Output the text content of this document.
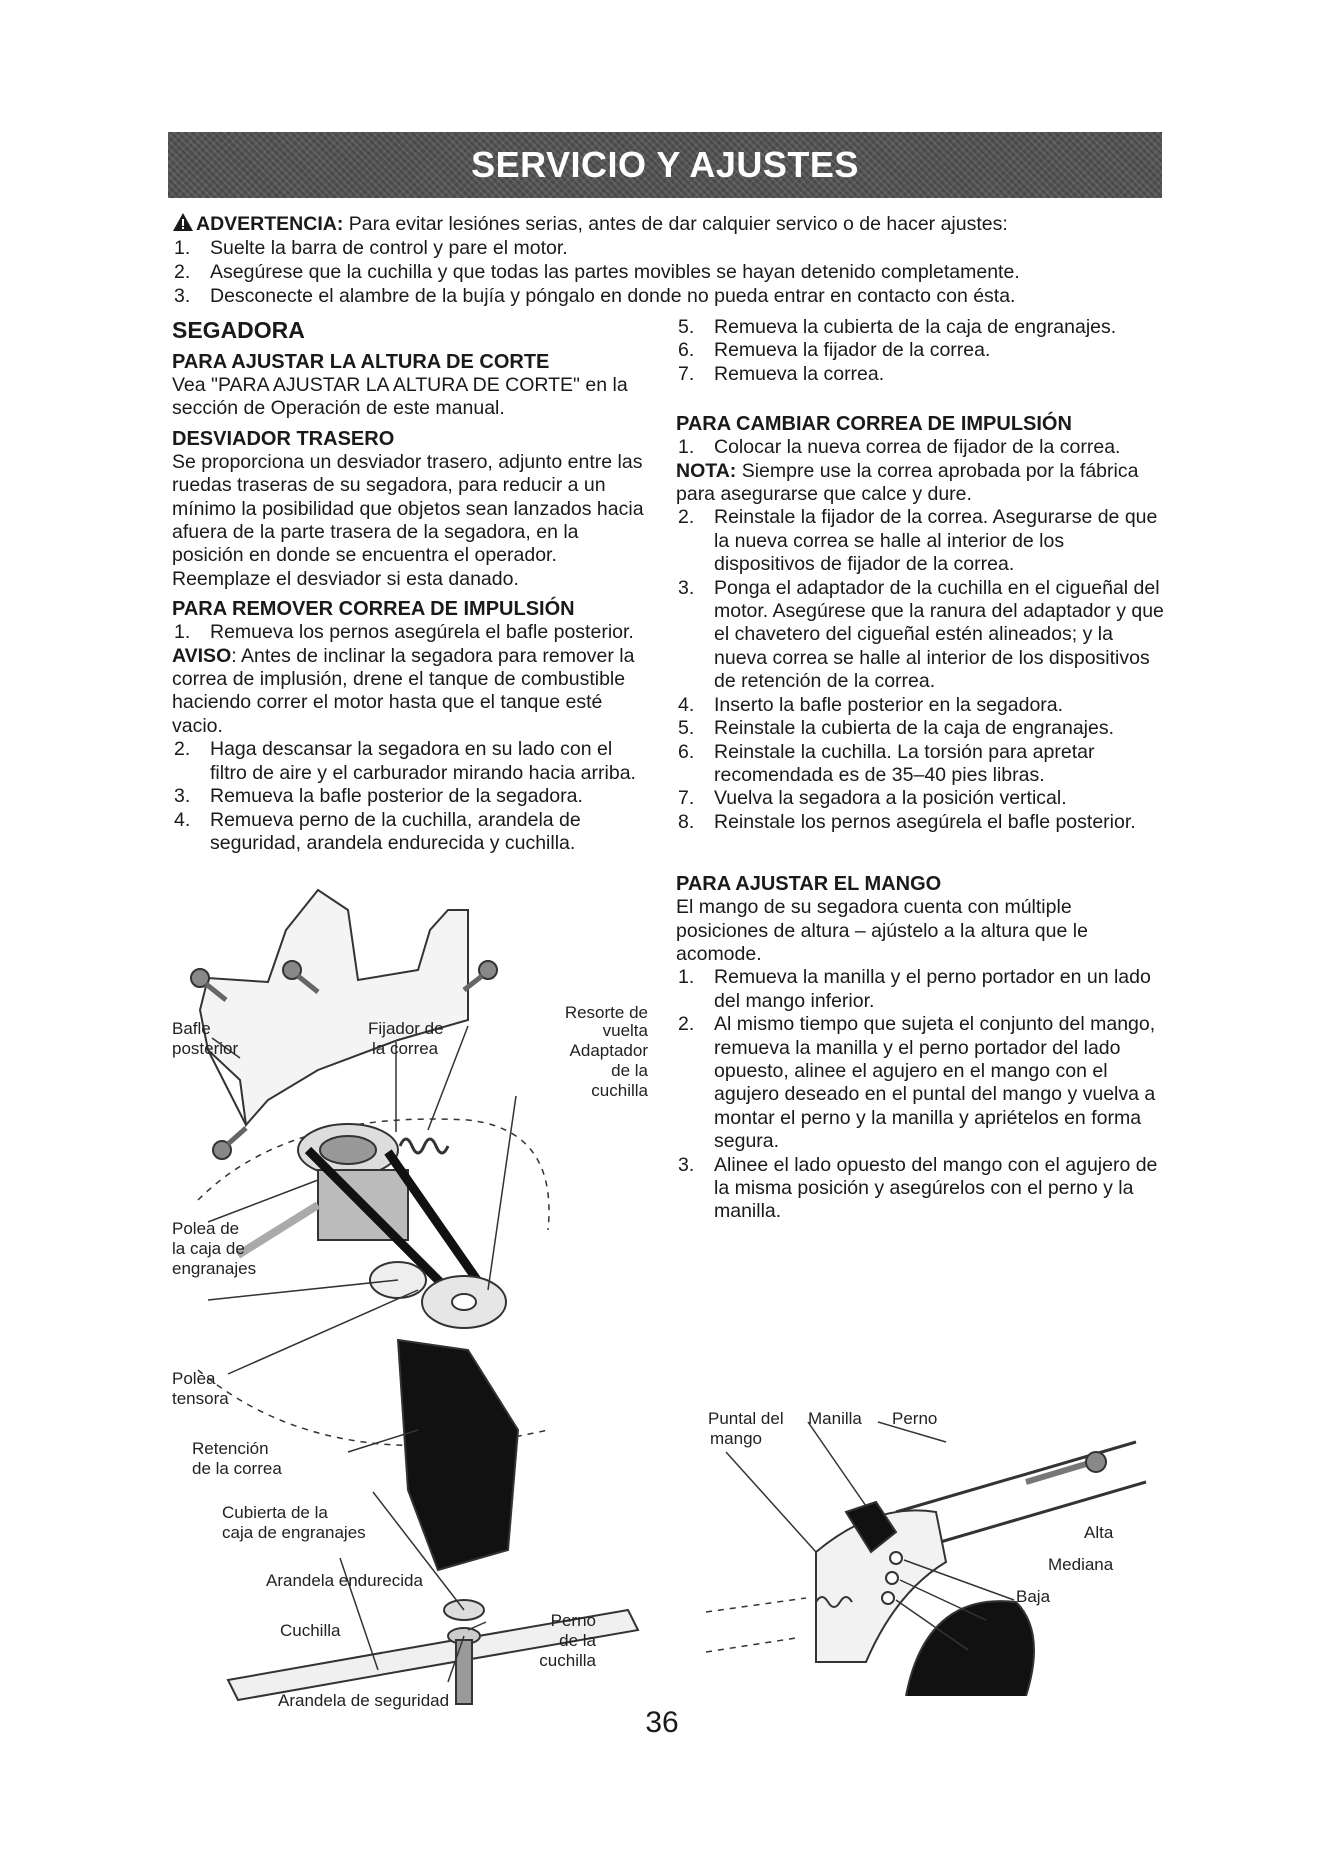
SERVICIO Y AJUSTES
ADVERTENCIA: Para evitar lesiónes serias, antes de dar calquier servico o de hacer ajustes:
1. Suelte la barra de control y pare el motor.
2. Asegúrese que la cuchilla y que todas las partes movibles se hayan detenido completamente.
3. Desconecte el alambre de la bujía y póngalo en donde no pueda entrar en contacto con ésta.
SEGADORA
PARA AJUSTAR LA ALTURA DE CORTE

Vea "PARA AJUSTAR LA ALTURA DE CORTE" en la sección de Operación de este manual.

DESVIADOR TRASERO

Se proporciona un desviador trasero, adjunto entre las ruedas traseras de su segadora, para reducir a un mínimo la posibilidad que objetos sean lanzados hacia afuera de la parte trasera de la segadora, en la posición en donde se encuentra el operador. Reemplaze el desviador si esta danado.

PARA REMOVER CORREA DE IMPULSIÓN
1. Remueva los pernos asegúrela el bafle posterior.

AVISO: Antes de inclinar la segadora para remover la correa de implusión, drene el tanque de combustible haciendo correr el motor hasta que el tanque esté vacio.

2. Haga descansar la segadora en su lado con el filtro de aire y el carburador mirando hacia arriba.
3. Remueva la bafle posterior de la segadora.
4. Remueva perno de la cuchilla, arandela de seguridad, arandela endurecida y cuchilla.
5. Remueva la cubierta de la caja de engranajes.
6. Remueva la fijador de la correa.
7. Remueva la correa.
PARA CAMBIAR CORREA DE IMPULSIÓN
1. Colocar la nueva correa de fijador de la correa.

NOTA: Siempre use la correa aprobada por la fábrica para asegurarse que calce y dure.

2. Reinstale la fijador de la correa. Asegurarse de que la nueva correa se halle al interior de los dispositivos de fijador de la correa.
3. Ponga el adaptador de la cuchilla en el cigueñal del motor. Asegúrese que la ranura del adaptador y que el chavetero del cigueñal estén alineados; y la nueva correa se halle al interior de los dispositivos de retención de la correa.
4. Inserto la bafle posterior en la segadora.
5. Reinstale la cubierta de la caja de engranajes.
6. Reinstale la cuchilla. La torsión para apretar recomendada es de 35–40 pies libras.
7. Vuelva la segadora a la posición vertical.
8. Reinstale los pernos asegúrela el bafle posterior.
PARA AJUSTAR EL MANGO

El mango de su segadora cuenta con múltiple posiciones de altura – ajústelo a la altura que le acomode.

1. Remueva la manilla y el perno portador en un lado del mango inferior.
2. Al mismo tiempo que sujeta el conjunto del mango, remueva la manilla y el perno portador del lado opuesto, alinee el agujero en el mango con el agujero deseado en el puntal del mango y vuelva a montar el perno y la manilla y apriételos en forma segura.
3. Alinee el lado opuesto del mango con el agujero de la misma posición y asegúrelos con el perno y la manilla.
Bafle
posterior
Fijador de
la correa
Resorte de
vuelta
Adaptador
de la
cuchilla
Polea de
la caja de
engranajes
Polea
tensora
Retención
de la correa
Cubierta de la
caja de engranajes
Arandela endurecida
Perno
de la
cuchilla
Cuchilla
Arandela de seguridad
Puntal del
mango
Manilla Perno
Alta
Mediana
Baja
36
